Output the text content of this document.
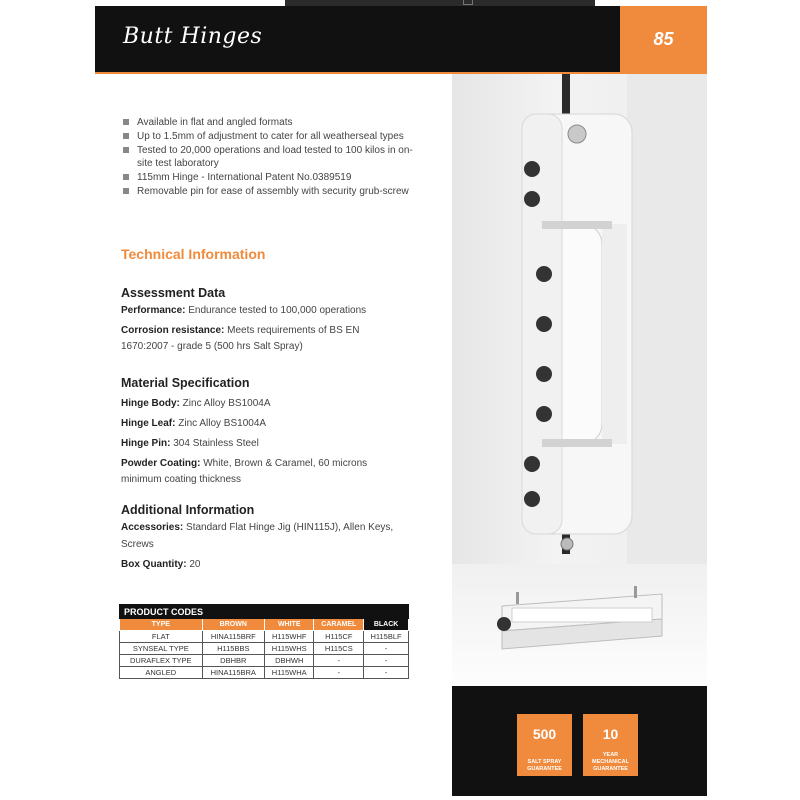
Butt Hinges	85
500
SALT SPRAY
GUARANTEE
10
YEAR
MECHANICAL
GUARANTEE
Available in flat and angled formats
Up to 1.5mm of adjustment to cater for all weatherseal types
Tested to 20,000 operations and load tested to 100 kilos in on-site test laboratory
115mm Hinge - International Patent No.0389519
Removable pin for ease of assembly with security grub-screw
Technical Information
Assessment Data
Performance: Endurance tested to 100,000 operations
Corrosion resistance: Meets requirements of BS EN
1670:2007 - grade 5 (500 hrs Salt Spray)
Material Specification
Hinge Body: Zinc Alloy BS1004A
Hinge Leaf: Zinc Alloy BS1004A
Hinge Pin: 304 Stainless Steel
Powder Coating: White, Brown & Caramel, 60 microns
minimum coating thickness
Additional Information
Accessories: Standard Flat Hinge Jig (HIN115J), Allen Keys,
Screws
Box Quantity: 20
PRODUCT CODES				
TYPE	BROWN	WHITE	CARAMEL	BLACK
FLAT	HINA115BRF	H115WHF	H115CF	H115BLF
SYNSEAL TYPE	H115BBS	H115WHS	H115CS	-
DURAFLEX TYPE	DBHBR	DBHWH	-	-
ANGLED	HINA115BRA	H115WHA	-	-
